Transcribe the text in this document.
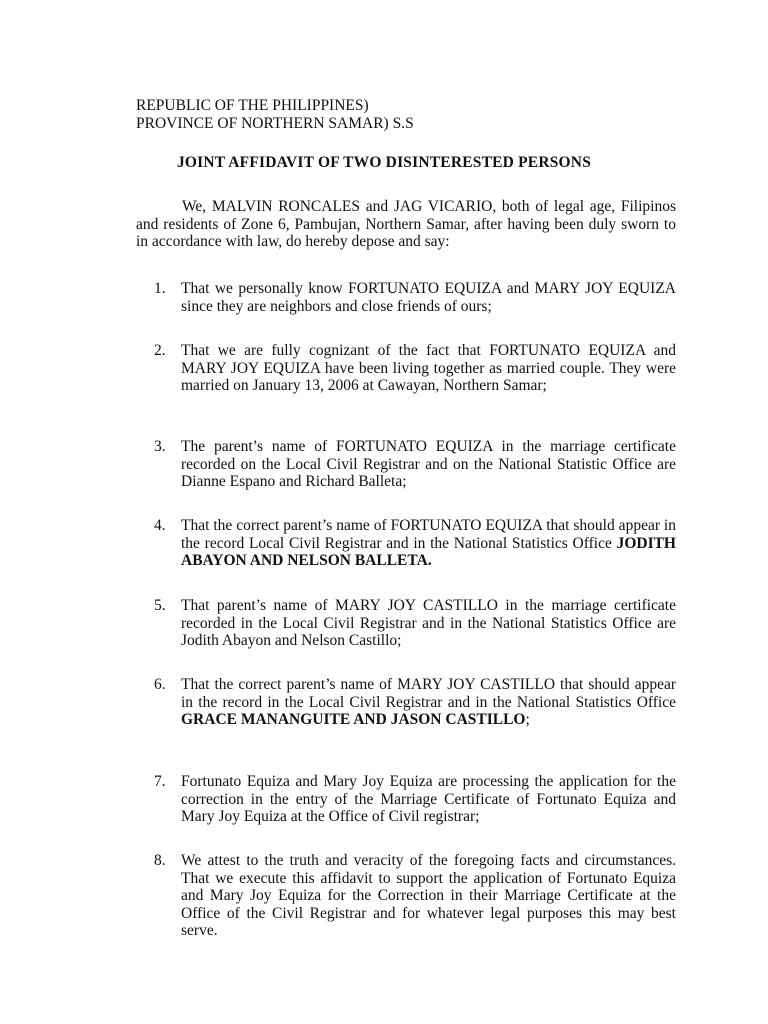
REPUBLIC OF THE PHILIPPINES)
PROVINCE OF NORTHERN SAMAR) S.S
JOINT AFFIDAVIT OF TWO DISINTERESTED PERSONS

We, MALVIN RONCALES and JAG VICARIO, both of legal age, Filipinos and residents of Zone 6, Pambujan, Northern Samar, after having been duly sworn to in accordance with law, do hereby depose and say:

1. That we personally know FORTUNATO EQUIZA and MARY JOY EQUIZA since they are neighbors and close friends of ours;

2. That we are fully cognizant of the fact that FORTUNATO EQUIZA and MARY JOY EQUIZA have been living together as married couple. They were married on January 13, 2006 at Cawayan, Northern Samar;

3. The parent’s name of FORTUNATO EQUIZA in the marriage certificate recorded on the Local Civil Registrar and on the National Statistic Office are Dianne Espano and Richard Balleta;

4. That the correct parent’s name of FORTUNATO EQUIZA that should appear in the record Local Civil Registrar and in the National Statistics Office JODITH ABAYON AND NELSON BALLETA.

5. That parent’s name of MARY JOY CASTILLO in the marriage certificate recorded in the Local Civil Registrar and in the National Statistics Office are Jodith Abayon and Nelson Castillo;

6. That the correct parent’s name of MARY JOY CASTILLO that should appear in the record in the Local Civil Registrar and in the National Statistics Office GRACE MANANGUITE AND JASON CASTILLO;

7. Fortunato Equiza and Mary Joy Equiza are processing the application for the correction in the entry of the Marriage Certificate of Fortunato Equiza and Mary Joy Equiza at the Office of Civil registrar;

8. We attest to the truth and veracity of the foregoing facts and circumstances. That we execute this affidavit to support the application of Fortunato Equiza and Mary Joy Equiza for the Correction in their Marriage Certificate at the Office of the Civil Registrar and for whatever legal purposes this may best serve.
